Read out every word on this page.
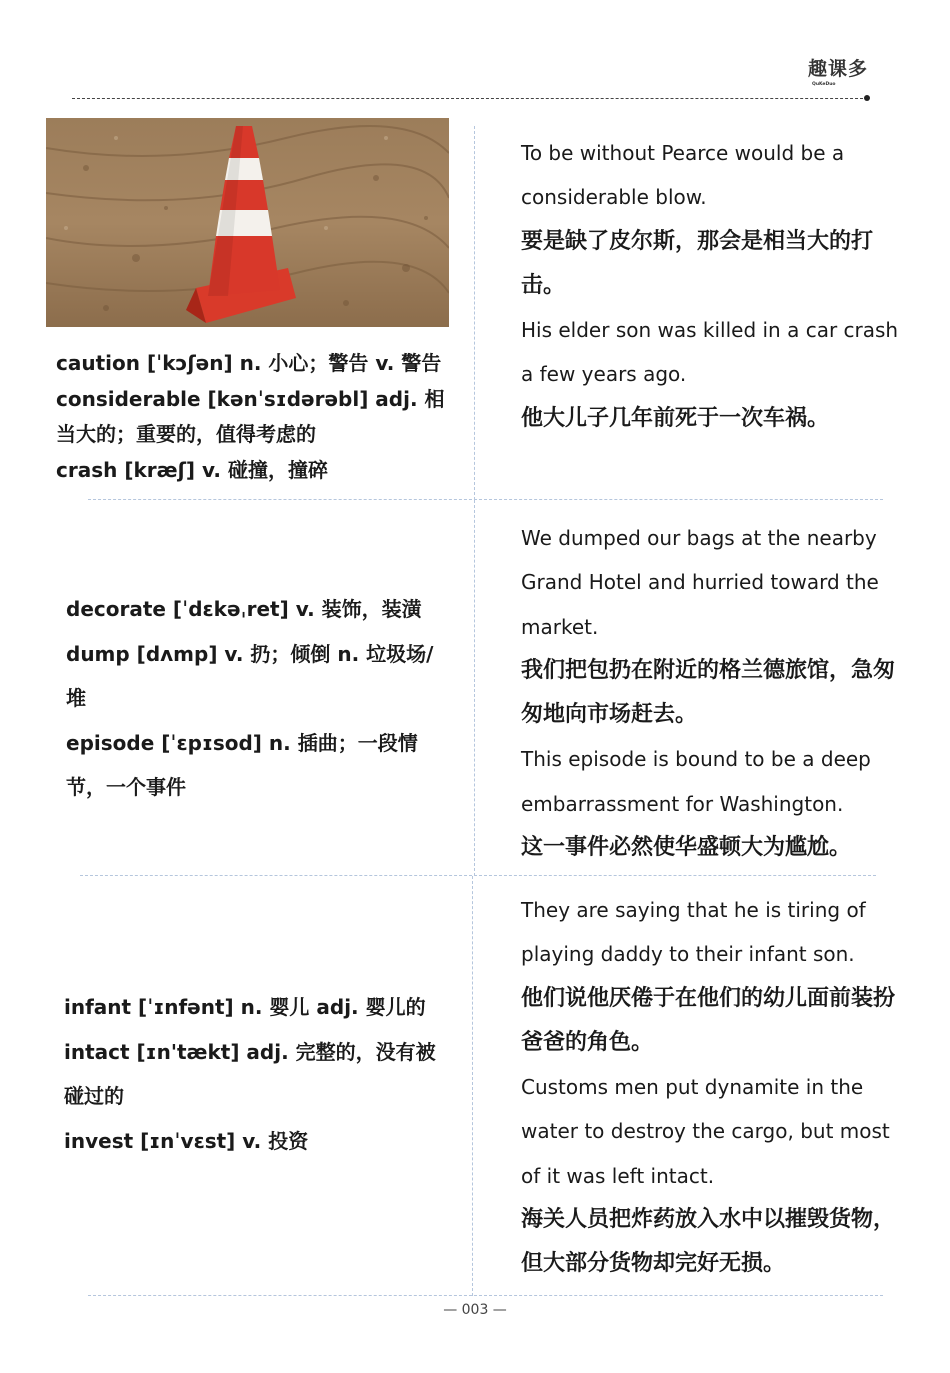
趣课多
QuKeDuo

caution [ˈkɔʃən] n. 小心；警告 v. 警告

considerable [kənˈsɪdərəbl] adj. 相当大的；重要的，值得考虑的

crash [kræʃ] v. 碰撞，撞碎

To be without Pearce would be a considerable blow.

要是缺了皮尔斯，那会是相当大的打击。

His elder son was killed in a car crash a few years ago.

他大儿子几年前死于一次车祸。

decorate [ˈdɛkəˌret] v. 装饰，装潢

dump [dʌmp] v. 扔；倾倒 n. 垃圾场/堆

episode [ˈɛpɪsod] n. 插曲；一段情节，一个事件

We dumped our bags at the nearby Grand Hotel and hurried toward the market.

我们把包扔在附近的格兰德旅馆，急匆匆地向市场赶去。

This episode is bound to be a deep embarrassment for Washington.

这一事件必然使华盛顿大为尴尬。

infant [ˈɪnfənt] n. 婴儿 adj. 婴儿的

intact [ɪn'tækt] adj. 完整的，没有被碰过的

invest [ɪnˈvɛst] v. 投资

They are saying that he is tiring of playing daddy to their infant son.

他们说他厌倦于在他们的幼儿面前装扮爸爸的角色。

Customs men put dynamite in the water to destroy the cargo, but most of it was left intact.

海关人员把炸药放入水中以摧毁货物，但大部分货物却完好无损。

— 003 —
